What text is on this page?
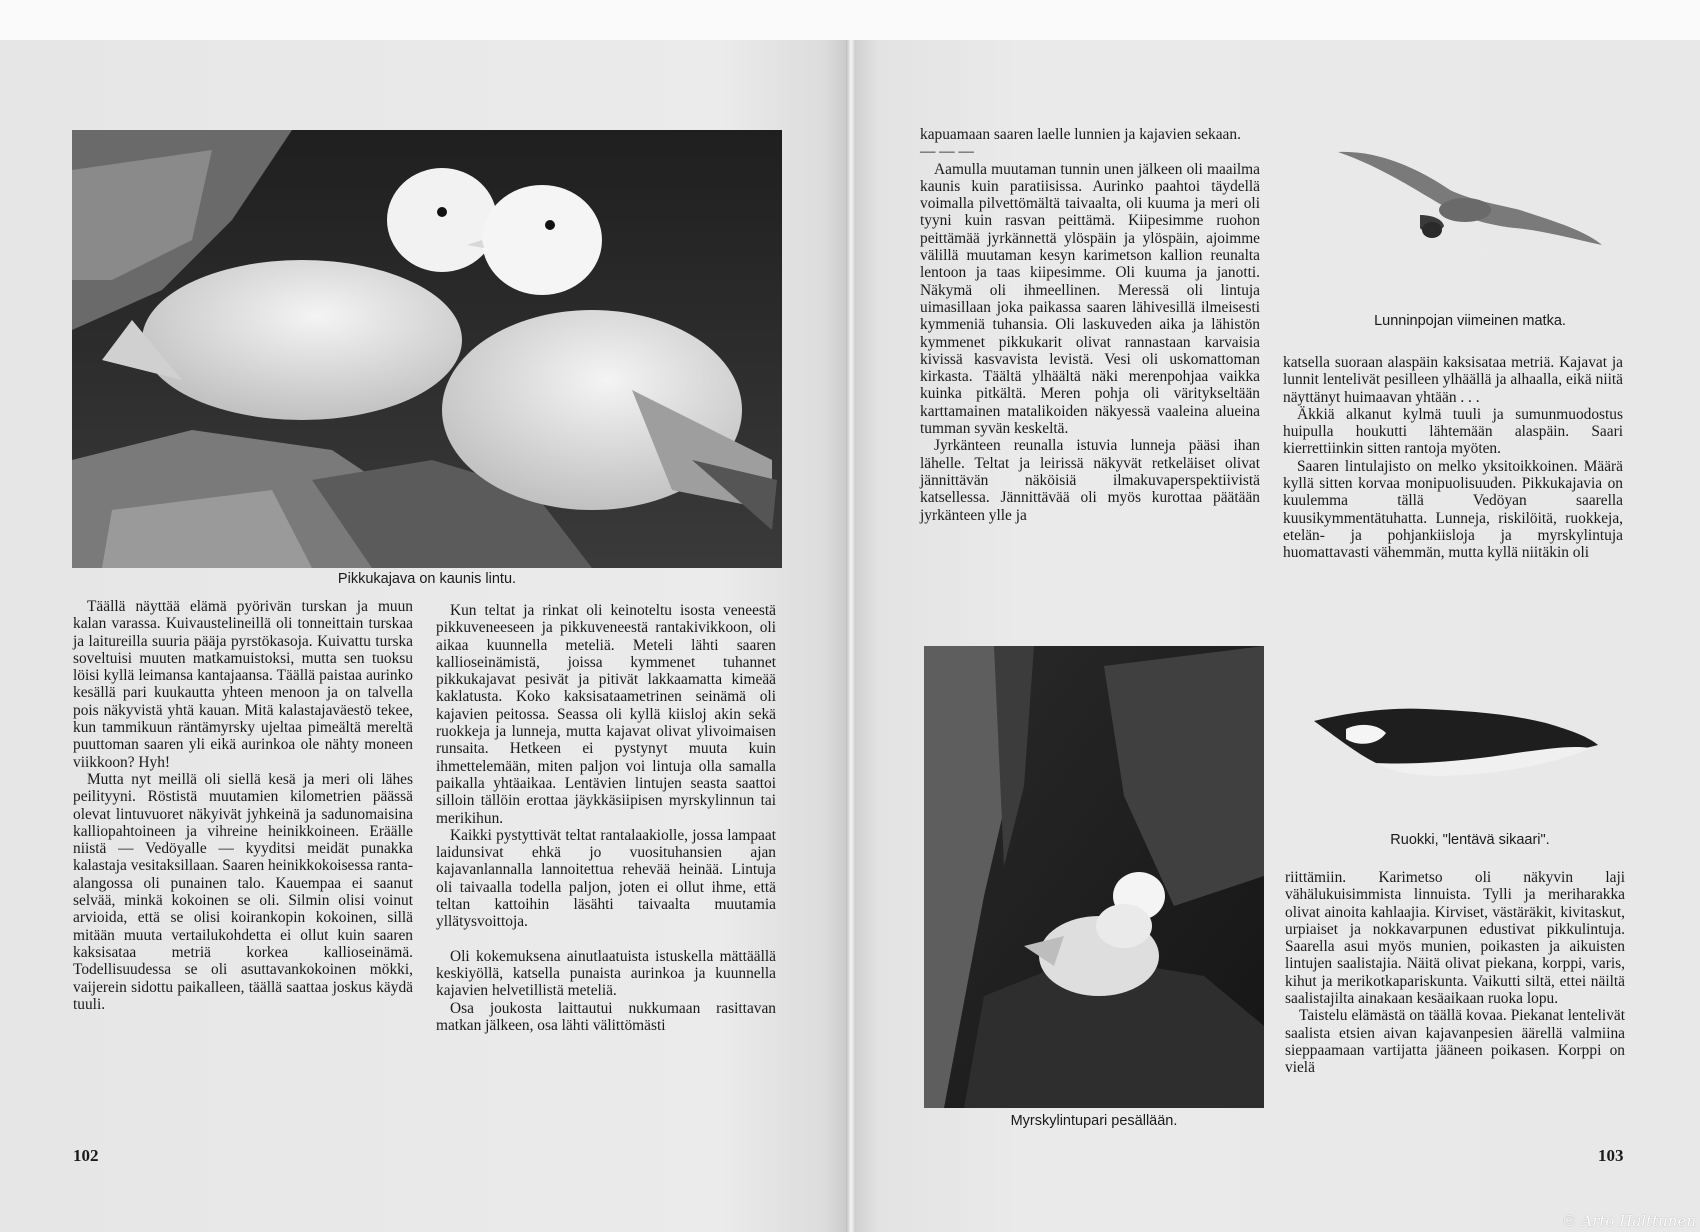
Pikkukajava on kaunis lintu.

Täällä näyttää elämä pyörivän turskan ja muun kalan varassa. Kuivaustelineillä oli tonneittain turskaa ja laitureilla suuria pääja pyrstökasoja. Kuivattu turska soveltuisi muuten matkamuistoksi, mutta sen tuoksu löisi kyllä leimansa kantajaansa. Täällä paistaa aurinko kesällä pari kuukautta yhteen menoon ja on talvella pois näkyvistä yhtä kauan. Mitä kalastajaväestö tekee, kun tammikuun räntämyrsky ujeltaa pimeältä mereltä puuttoman saaren yli eikä aurinkoa ole nähty moneen viikkoon? Hyh!

Mutta nyt meillä oli siellä kesä ja meri oli lähes peilityyni. Röstistä muutamien kilometrien päässä olevat lintuvuoret näkyivät jyhkeinä ja sadunomaisina kalliopahtoineen ja vihreine heinikkoineen. Eräälle niistä — Vedöyalle — kyyditsi meidät punakka kalastaja vesitaksillaan. Saaren heinikkokoisessa ranta-alangossa oli punainen talo. Kauempaa ei saanut selvää, minkä kokoinen se oli. Silmin olisi voinut arvioida, että se olisi koirankopin kokoinen, sillä mitään muuta vertailukohdetta ei ollut kuin saaren kaksisataa metriä korkea kallioseinämä. Todellisuudessa se oli asuttavankokoinen mökki, vaijerein sidottu paikalleen, täällä saattaa joskus käydä tuuli.

Kun teltat ja rinkat oli keinoteltu isosta veneestä pikkuveneeseen ja pikkuveneestä rantakivikkoon, oli aikaa kuunnella meteliä. Meteli lähti saaren kallioseinämistä, joissa kymmenet tuhannet pikkukajavat pesivät ja pitivät lakkaamatta kimeää kaklatusta. Koko kaksisataametrinen seinämä oli kajavien peitossa. Seassa oli kyllä kiisloj akin sekä ruokkeja ja lunneja, mutta kajavat olivat ylivoimaisen runsaita. Hetkeen ei pystynyt muuta kuin ihmettelemään, miten paljon voi lintuja olla samalla paikalla yhtäaikaa. Lentävien lintujen seasta saattoi silloin tällöin erottaa jäykkäsiipisen myrskylinnun tai merikihun.

Kaikki pystyttivät teltat rantalaakiolle, jossa lampaat laidunsivat ehkä jo vuosituhansien ajan kajavanlannalla lannoitettua rehevää heinää. Lintuja oli taivaalla todella paljon, joten ei ollut ihme, että teltan kattoihin läsähti taivaalta muutamia yllätysvoittoja.

Oli kokemuksena ainutlaatuista istuskella mättäällä keskiyöllä, katsella punaista aurinkoa ja kuunnella kajavien helvetillistä meteliä.

Osa joukosta laittautui nukkumaan rasittavan matkan jälkeen, osa lähti välittömästi

102

kapuamaan saaren laelle lunnien ja kajavien sekaan.

— — —

Aamulla muutaman tunnin unen jälkeen oli maailma kaunis kuin paratiisissa. Aurinko paahtoi täydellä voimalla pilvettömältä taivaalta, oli kuuma ja meri oli tyyni kuin rasvan peittämä. Kiipesimme ruohon peittämää jyrkännettä ylöspäin ja ylöspäin, ajoimme välillä muutaman kesyn karimetson kallion reunalta lentoon ja taas kiipesimme. Oli kuuma ja janotti. Näkymä oli ihmeellinen. Meressä oli lintuja uimasillaan joka paikassa saaren lähivesillä ilmeisesti kymmeniä tuhansia. Oli laskuveden aika ja lähistön kymmenet pikkukarit olivat rannastaan karvaisia kivissä kasvavista levistä. Vesi oli uskomattoman kirkasta. Täältä ylhäältä näki merenpohjaa vaikka kuinka pitkältä. Meren pohja oli väritykseltään karttamainen matalikoiden näkyessä vaaleina alueina tumman syvän keskeltä.

Jyrkänteen reunalla istuvia lunneja pääsi ihan lähelle. Teltat ja leirissä näkyvät retkeläiset olivat jännittävän näköisiä ilmakuvaperspektiivistä katsellessa. Jännittävää oli myös kurottaa päätään jyrkänteen ylle ja

Myrskylintupari pesällään.
Lunninpojan viimeinen matka.

katsella suoraan alaspäin kaksisataa metriä. Kajavat ja lunnit lentelivät pesilleen ylhäällä ja alhaalla, eikä niitä näyttänyt huimaavan yhtään . . .

Äkkiä alkanut kylmä tuuli ja sumunmuodostus huipulla houkutti lähtemään alaspäin. Saari kierrettiinkin sitten rantoja myöten.

Saaren lintulajisto on melko yksitoikkoinen. Määrä kyllä sitten korvaa monipuolisuuden. Pikkukajavia on kuulemma tällä Vedöyan saarella kuusikymmentätuhatta. Lunneja, riskilöitä, ruokkeja, etelän- ja pohjankiisloja ja myrskylintuja huomattavasti vähemmän, mutta kyllä niitäkin oli

Ruokki, "lentävä sikaari".

riittämiin. Karimetso oli näkyvin laji vähälukuisimmista linnuista. Tylli ja meriharakka olivat ainoita kahlaajia. Kirviset, västäräkit, kivitaskut, urpiaiset ja nokkavarpunen edustivat pikkulintuja. Saarella asui myös munien, poikasten ja aikuisten lintujen saalistajia. Näitä olivat piekana, korppi, varis, kihut ja merikotkapariskunta. Vaikutti siltä, ettei näiltä saalistajilta ainakaan kesäaikaan ruoka lopu.

Taistelu elämästä on täällä kovaa. Piekanat lentelivät saalista etsien aivan kajavanpesien äärellä valmiina sieppaamaan vartijatta jääneen poikasen. Korppi on vielä

103
© Arto Halttunen
